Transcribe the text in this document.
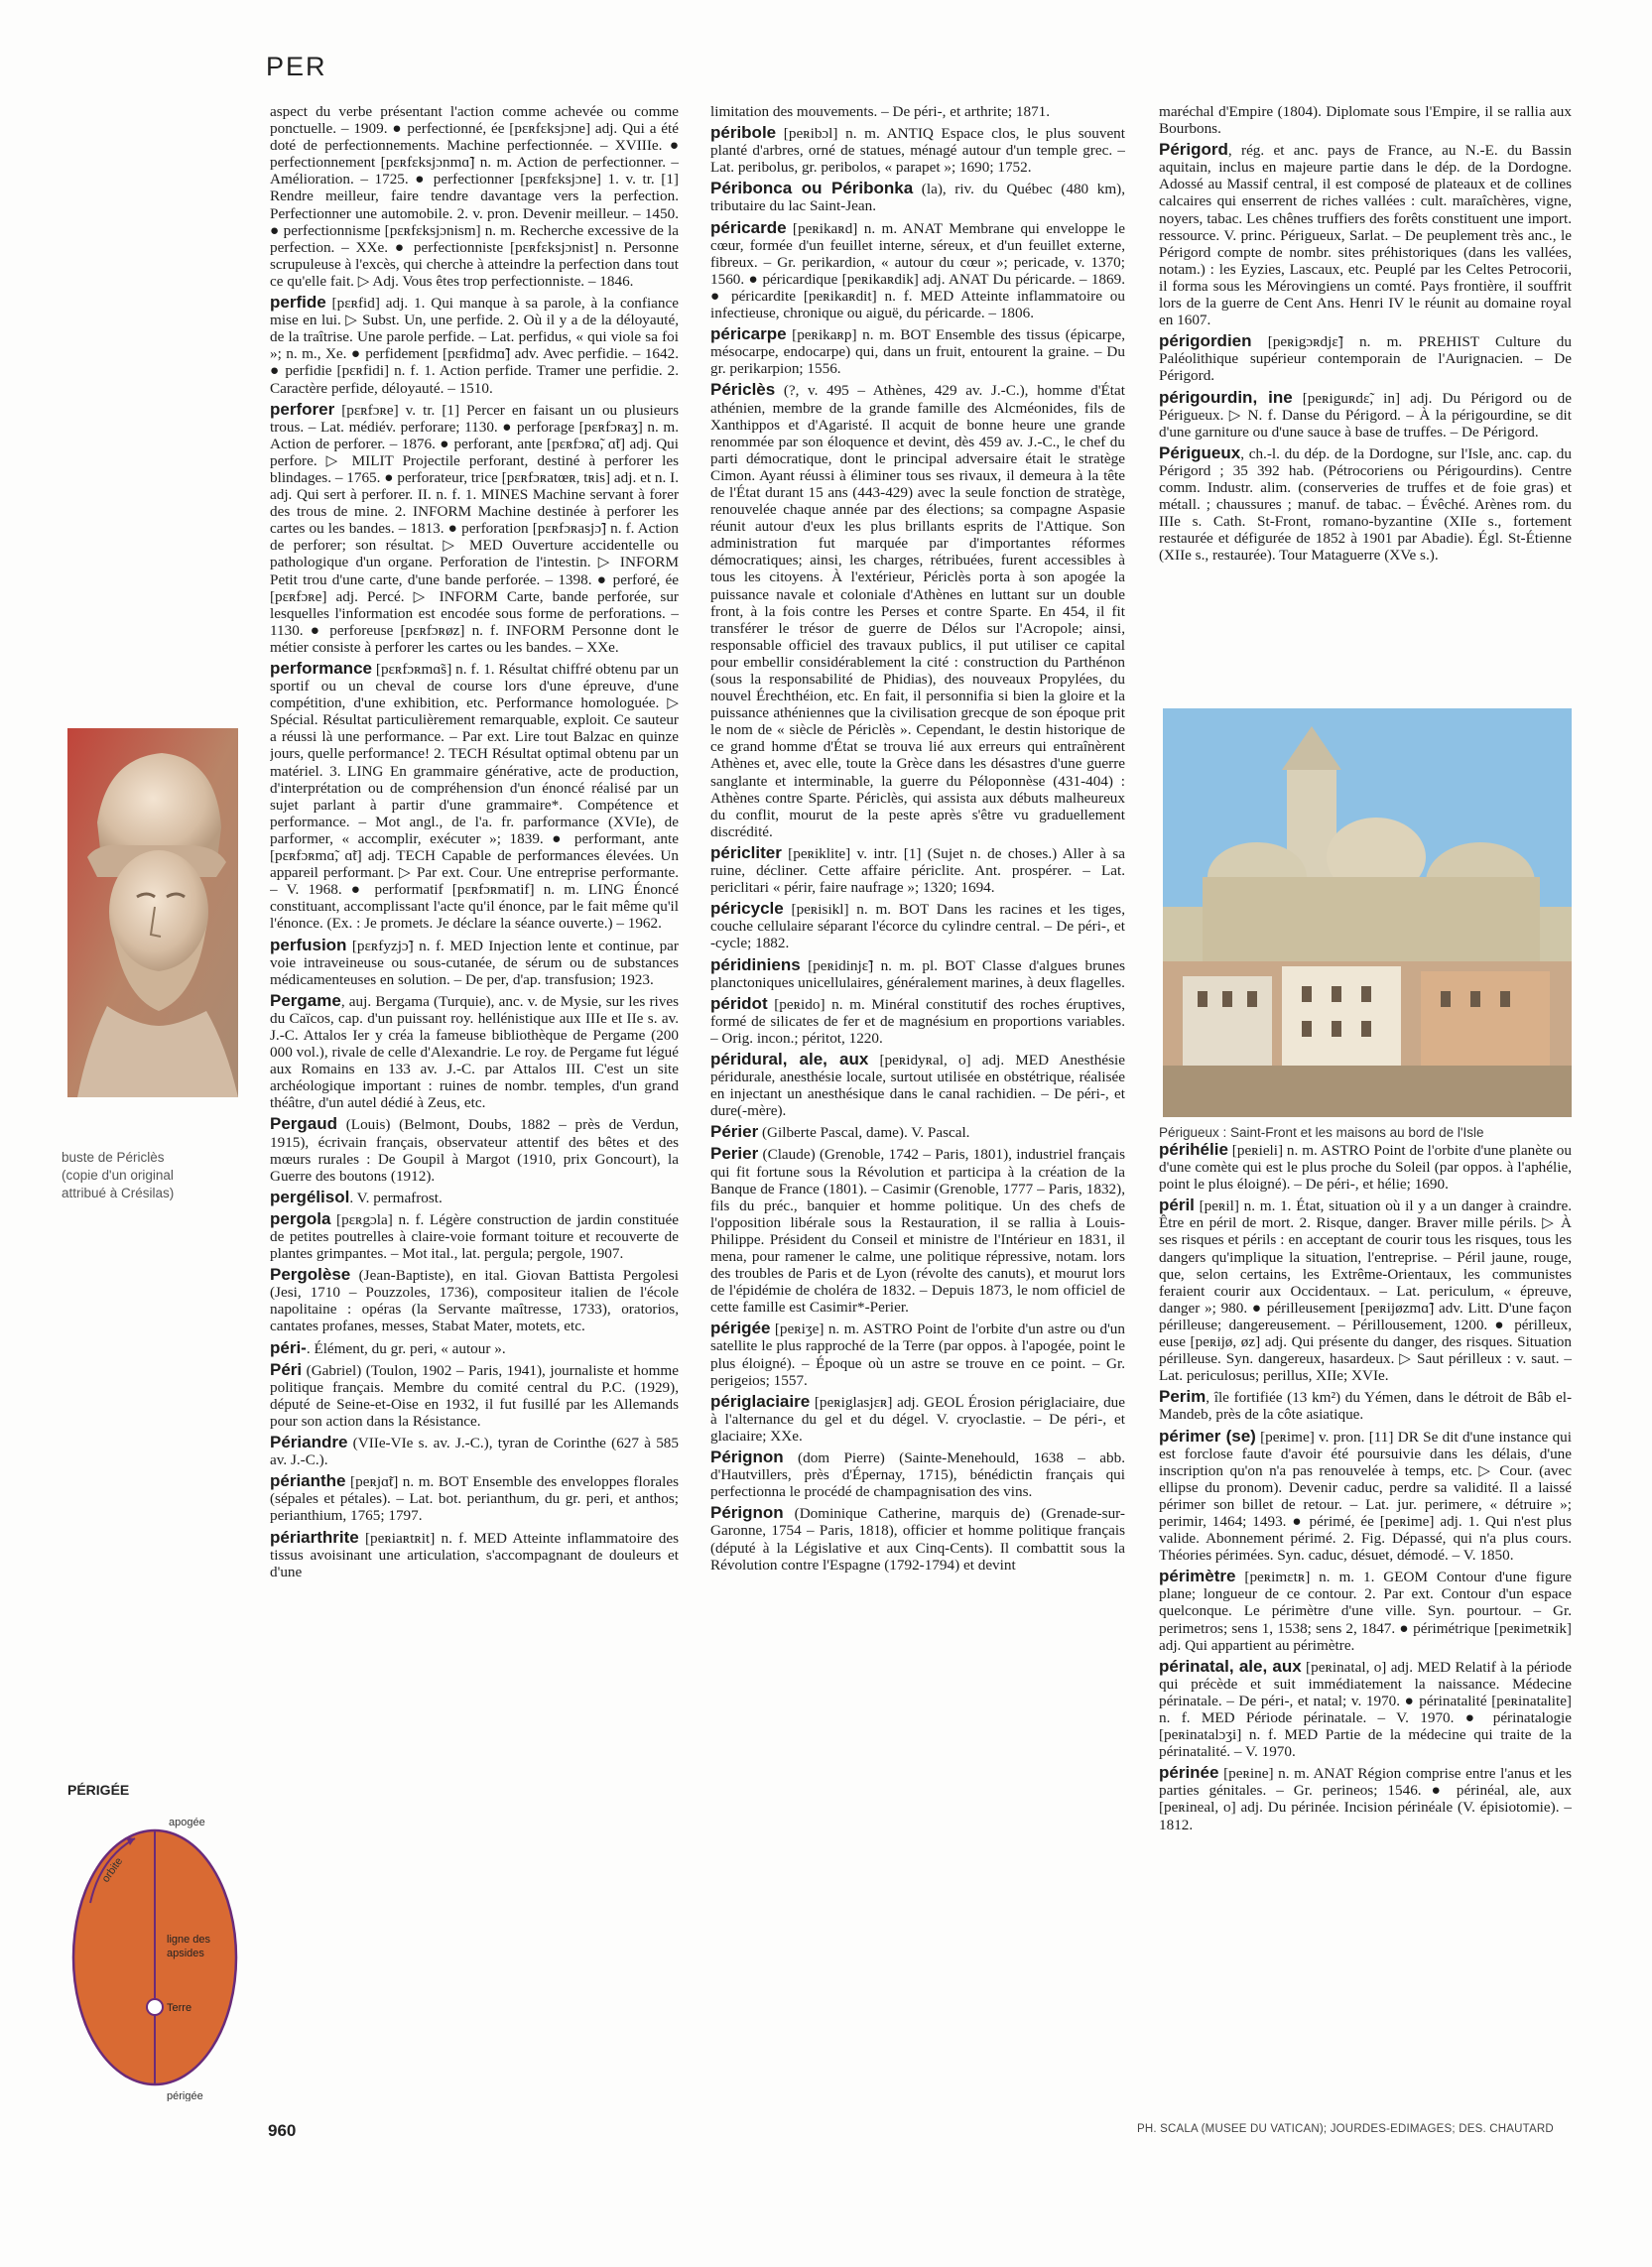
PER

aspect du verbe présentant l'action comme achevée ou comme ponctuelle. – 1909. ● perfectionné, ée [pɛʀfɛksjɔne] adj. Qui a été doté de perfectionnements. Machine perfectionnée. – XVIIIe. ● perfectionnement [pɛʀfɛksjɔnmɑ̃] n. m. Action de perfectionner. – Amélioration. – 1725. ● perfectionner [pɛʀfɛksjɔne] 1. v. tr. [1] Rendre meilleur, faire tendre davantage vers la perfection. Perfectionner une automobile. 2. v. pron. Devenir meilleur. – 1450. ● perfectionnisme [pɛʀfɛksjɔnism] n. m. Recherche excessive de la perfection. – XXe. ● perfectionniste [pɛʀfɛksjɔnist] n. Personne scrupuleuse à l'excès, qui cherche à atteindre la perfection dans tout ce qu'elle fait. ▷ Adj. Vous êtes trop perfectionniste. – 1846.

perfide [pɛʀfid] adj. 1. Qui manque à sa parole, à la confiance mise en lui. ▷ Subst. Un, une perfide. 2. Où il y a de la déloyauté, de la traîtrise. Une parole perfide. – Lat. perfidus, « qui viole sa foi »; n. m., Xe. ● perfidement [pɛʀfidmɑ̃] adv. Avec perfidie. – 1642. ● perfidie [pɛʀfidi] n. f. 1. Action perfide. Tramer une perfidie. 2. Caractère perfide, déloyauté. – 1510.

perforer [pɛʀfɔʀe] v. tr. [1] Percer en faisant un ou plusieurs trous. – Lat. médiév. perforare; 1130. ● perforage [pɛʀfɔʀaʒ] n. m. Action de perforer. – 1876. ● perforant, ante [pɛʀfɔʀɑ̃, ɑ̃t] adj. Qui perfore. ▷ MILIT Projectile perforant, destiné à perforer les blindages. – 1765. ● perforateur, trice [pɛʀfɔʀatœʀ, tʀis] adj. et n. I. adj. Qui sert à perforer. II. n. f. 1. MINES Machine servant à forer des trous de mine. 2. INFORM Machine destinée à perforer les cartes ou les bandes. – 1813. ● perforation [pɛʀfɔʀasjɔ̃] n. f. Action de perforer; son résultat. ▷ MED Ouverture accidentelle ou pathologique d'un organe. Perforation de l'intestin. ▷ INFORM Petit trou d'une carte, d'une bande perforée. – 1398. ● perforé, ée [pɛʀfɔʀe] adj. Percé. ▷ INFORM Carte, bande perforée, sur lesquelles l'information est encodée sous forme de perforations. – 1130. ● perforeuse [pɛʀfɔʀøz] n. f. INFORM Personne dont le métier consiste à perforer les cartes ou les bandes. – XXe.

performance [pɛʀfɔʀmɑ̃s] n. f. 1. Résultat chiffré obtenu par un sportif ou un cheval de course lors d'une épreuve, d'une compétition, d'une exhibition, etc. Performance homologuée. ▷ Spécial. Résultat particulièrement remarquable, exploit. Ce sauteur a réussi là une performance. – Par ext. Lire tout Balzac en quinze jours, quelle performance! 2. TECH Résultat optimal obtenu par un matériel. 3. LING En grammaire générative, acte de production, d'interprétation ou de compréhension d'un énoncé réalisé par un sujet parlant à partir d'une grammaire*. Compétence et performance. – Mot angl., de l'a. fr. parformance (XVIe), de parformer, « accomplir, exécuter »; 1839. ● performant, ante [pɛʀfɔʀmɑ̃, ɑ̃t] adj. TECH Capable de performances élevées. Un appareil performant. ▷ Par ext. Cour. Une entreprise performante. – V. 1968. ● performatif [pɛʀfɔʀmatif] n. m. LING Énoncé constituant, accomplissant l'acte qu'il énonce, par le fait même qu'il l'énonce. (Ex. : Je promets. Je déclare la séance ouverte.) – 1962.

perfusion [pɛʀfyzjɔ̃] n. f. MED Injection lente et continue, par voie intraveineuse ou sous-cutanée, de sérum ou de substances médicamenteuses en solution. – De per, d'ap. transfusion; 1923.

Pergame, auj. Bergama (Turquie), anc. v. de Mysie, sur les rives du Caïcos, cap. d'un puissant roy. hellénistique aux IIIe et IIe s. av. J.-C. Attalos Ier y créa la fameuse bibliothèque de Pergame (200 000 vol.), rivale de celle d'Alexandrie. Le roy. de Pergame fut légué aux Romains en 133 av. J.-C. par Attalos III. C'est un site archéologique important : ruines de nombr. temples, d'un grand théâtre, d'un autel dédié à Zeus, etc.

Pergaud (Louis) (Belmont, Doubs, 1882 – près de Verdun, 1915), écrivain français, observateur attentif des bêtes et des mœurs rurales : De Goupil à Margot (1910, prix Goncourt), la Guerre des boutons (1912).

pergélisol. V. permafrost.

pergola [pɛʀgɔla] n. f. Légère construction de jardin constituée de petites poutrelles à claire-voie formant toiture et recouverte de plantes grimpantes. – Mot ital., lat. pergula; pergole, 1907.

Pergolèse (Jean-Baptiste), en ital. Giovan Battista Pergolesi (Jesi, 1710 – Pouzzoles, 1736), compositeur italien de l'école napolitaine : opéras (la Servante maîtresse, 1733), oratorios, cantates profanes, messes, Stabat Mater, motets, etc.

péri-. Élément, du gr. peri, « autour ».

Péri (Gabriel) (Toulon, 1902 – Paris, 1941), journaliste et homme politique français. Membre du comité central du P.C. (1929), député de Seine-et-Oise en 1932, il fut fusillé par les Allemands pour son action dans la Résistance.

Périandre (VIIe-VIe s. av. J.-C.), tyran de Corinthe (627 à 585 av. J.-C.).

périanthe [peʀjɑ̃t] n. m. BOT Ensemble des enveloppes florales (sépales et pétales). – Lat. bot. perianthum, du gr. peri, et anthos; perianthium, 1765; 1797.

périarthrite [peʀiaʀtʀit] n. f. MED Atteinte inflammatoire des tissus avoisinant une articulation, s'accompagnant de douleurs et d'une

limitation des mouvements. – De péri-, et arthrite; 1871.

péribole [peʀibɔl] n. m. ANTIQ Espace clos, le plus souvent planté d'arbres, orné de statues, ménagé autour d'un temple grec. – Lat. peribolus, gr. peribolos, « parapet »; 1690; 1752.

Péribonca ou Péribonka (la), riv. du Québec (480 km), tributaire du lac Saint-Jean.

péricarde [peʀikaʀd] n. m. ANAT Membrane qui enveloppe le cœur, formée d'un feuillet interne, séreux, et d'un feuillet externe, fibreux. – Gr. perikardion, « autour du cœur »; pericade, v. 1370; 1560. ● péricardique [peʀikaʀdik] adj. ANAT Du péricarde. – 1869. ● péricardite [peʀikaʀdit] n. f. MED Atteinte inflammatoire ou infectieuse, chronique ou aiguë, du péricarde. – 1806.

péricarpe [peʀikaʀp] n. m. BOT Ensemble des tissus (épicarpe, mésocarpe, endocarpe) qui, dans un fruit, entourent la graine. – Du gr. perikarpion; 1556.

Périclès (?, v. 495 – Athènes, 429 av. J.-C.), homme d'État athénien, membre de la grande famille des Alcméonides, fils de Xanthippos et d'Agaristé. Il acquit de bonne heure une grande renommée par son éloquence et devint, dès 459 av. J.-C., le chef du parti démocratique, dont le principal adversaire était le stratège Cimon. Ayant réussi à éliminer tous ses rivaux, il demeura à la tête de l'État durant 15 ans (443-429) avec la seule fonction de stratège, renouvelée chaque année par des élections; sa compagne Aspasie réunit autour d'eux les plus brillants esprits de l'Attique. Son administration fut marquée par d'importantes réformes démocratiques; ainsi, les charges, rétribuées, furent accessibles à tous les citoyens. À l'extérieur, Périclès porta à son apogée la puissance navale et coloniale d'Athènes en luttant sur un double front, à la fois contre les Perses et contre Sparte. En 454, il fit transférer le trésor de guerre de Délos sur l'Acropole; ainsi, responsable officiel des travaux publics, il put utiliser ce capital pour embellir considérablement la cité : construction du Parthénon (sous la responsabilité de Phidias), des nouveaux Propylées, du nouvel Érechthéion, etc. En fait, il personnifia si bien la gloire et la puissance athéniennes que la civilisation grecque de son époque prit le nom de « siècle de Périclès ». Cependant, le destin historique de ce grand homme d'État se trouva lié aux erreurs qui entraînèrent Athènes et, avec elle, toute la Grèce dans les désastres d'une guerre sanglante et interminable, la guerre du Péloponnèse (431-404) : Athènes contre Sparte. Périclès, qui assista aux débuts malheureux du conflit, mourut de la peste après s'être vu graduellement discrédité.

péricliter [peʀiklite] v. intr. [1] (Sujet n. de choses.) Aller à sa ruine, décliner. Cette affaire périclite. Ant. prospérer. – Lat. periclitari « périr, faire naufrage »; 1320; 1694.

péricycle [peʀisikl] n. m. BOT Dans les racines et les tiges, couche cellulaire séparant l'écorce du cylindre central. – De péri-, et -cycle; 1882.

péridiniens [peʀidinjɛ̃] n. m. pl. BOT Classe d'algues brunes planctoniques unicellulaires, généralement marines, à deux flagelles.

péridot [peʀido] n. m. Minéral constitutif des roches éruptives, formé de silicates de fer et de magnésium en proportions variables. – Orig. incon.; péritot, 1220.

péridural, ale, aux [peʀidyʀal, o] adj. MED Anesthésie péridurale, anesthésie locale, surtout utilisée en obstétrique, réalisée en injectant un anesthésique dans le canal rachidien. – De péri-, et dure(-mère).

Périer (Gilberte Pascal, dame). V. Pascal.

Perier (Claude) (Grenoble, 1742 – Paris, 1801), industriel français qui fit fortune sous la Révolution et participa à la création de la Banque de France (1801). – Casimir (Grenoble, 1777 – Paris, 1832), fils du préc., banquier et homme politique. Un des chefs de l'opposition libérale sous la Restauration, il se rallia à Louis-Philippe. Président du Conseil et ministre de l'Intérieur en 1831, il mena, pour ramener le calme, une politique répressive, notam. lors des troubles de Paris et de Lyon (révolte des canuts), et mourut lors de l'épidémie de choléra de 1832. – Depuis 1873, le nom officiel de cette famille est Casimir*-Perier.

périgée [peʀiʒe] n. m. ASTRO Point de l'orbite d'un astre ou d'un satellite le plus rapproché de la Terre (par oppos. à l'apogée, point le plus éloigné). – Époque où un astre se trouve en ce point. – Gr. perigeios; 1557.

périglaciaire [peʀiglasjɛʀ] adj. GEOL Érosion périglaciaire, due à l'alternance du gel et du dégel. V. cryoclastie. – De péri-, et glaciaire; XXe.

Pérignon (dom Pierre) (Sainte-Menehould, 1638 – abb. d'Hautvillers, près d'Épernay, 1715), bénédictin français qui perfectionna le procédé de champagnisation des vins.

Pérignon (Dominique Catherine, marquis de) (Grenade-sur-Garonne, 1754 – Paris, 1818), officier et homme politique français (député à la Législative et aux Cinq-Cents). Il combattit sous la Révolution contre l'Espagne (1792-1794) et devint

maréchal d'Empire (1804). Diplomate sous l'Empire, il se rallia aux Bourbons.

Périgord, rég. et anc. pays de France, au N.-E. du Bassin aquitain, inclus en majeure partie dans le dép. de la Dordogne. Adossé au Massif central, il est composé de plateaux et de collines calcaires qui enserrent de riches vallées : cult. maraîchères, vigne, noyers, tabac. Les chênes truffiers des forêts constituent une import. ressource. V. princ. Périgueux, Sarlat. – De peuplement très anc., le Périgord compte de nombr. sites préhistoriques (dans les vallées, notam.) : les Eyzies, Lascaux, etc. Peuplé par les Celtes Petrocorii, il forma sous les Mérovingiens un comté. Pays frontière, il souffrit lors de la guerre de Cent Ans. Henri IV le réunit au domaine royal en 1607.

périgordien [peʀigɔʀdjɛ̃] n. m. PREHIST Culture du Paléolithique supérieur contemporain de l'Aurignacien. – De Périgord.

périgourdin, ine [peʀiguʀdɛ̃, in] adj. Du Périgord ou de Périgueux. ▷ N. f. Danse du Périgord. – À la périgourdine, se dit d'une garniture ou d'une sauce à base de truffes. – De Périgord.

Périgueux, ch.-l. du dép. de la Dordogne, sur l'Isle, anc. cap. du Périgord ; 35 392 hab. (Pétrocoriens ou Périgourdins). Centre comm. Industr. alim. (conserveries de truffes et de foie gras) et métall. ; chaussures ; manuf. de tabac. – Évêché. Arènes rom. du IIIe s. Cath. St-Front, romano-byzantine (XIIe s., fortement restaurée et défigurée de 1852 à 1901 par Abadie). Égl. St-Étienne (XIIe s., restaurée). Tour Mataguerre (XVe s.).

périhélie [peʀieli] n. m. ASTRO Point de l'orbite d'une planète ou d'une comète qui est le plus proche du Soleil (par oppos. à l'aphélie, point le plus éloigné). – De péri-, et hélie; 1690.

péril [peʀil] n. m. 1. État, situation où il y a un danger à craindre. Être en péril de mort. 2. Risque, danger. Braver mille périls. ▷ À ses risques et périls : en acceptant de courir tous les risques, tous les dangers qu'implique la situation, l'entreprise. – Péril jaune, rouge, que, selon certains, les Extrême-Orientaux, les communistes feraient courir aux Occidentaux. – Lat. periculum, « épreuve, danger »; 980. ● périlleusement [peʀijøzmɑ̃] adv. Litt. D'une façon périlleuse; dangereusement. – Périllousement, 1200. ● périlleux, euse [peʀijø, øz] adj. Qui présente du danger, des risques. Situation périlleuse. Syn. dangereux, hasardeux. ▷ Saut périlleux : v. saut. – Lat. periculosus; perillus, XIIe; XVIe.

Perim, île fortifiée (13 km²) du Yémen, dans le détroit de Bâb el-Mandeb, près de la côte asiatique.

périmer (se) [peʀime] v. pron. [11] DR Se dit d'une instance qui est forclose faute d'avoir été poursuivie dans les délais, d'une inscription qu'on n'a pas renouvelée à temps, etc. ▷ Cour. (avec ellipse du pronom). Devenir caduc, perdre sa validité. Il a laissé périmer son billet de retour. – Lat. jur. perimere, « détruire »; perimir, 1464; 1493. ● périmé, ée [peʀime] adj. 1. Qui n'est plus valide. Abonnement périmé. 2. Fig. Dépassé, qui n'a plus cours. Théories périmées. Syn. caduc, désuet, démodé. – V. 1850.

périmètre [peʀimɛtʀ] n. m. 1. GEOM Contour d'une figure plane; longueur de ce contour. 2. Par ext. Contour d'un espace quelconque. Le périmètre d'une ville. Syn. pourtour. – Gr. perimetros; sens 1, 1538; sens 2, 1847. ● périmétrique [peʀimetʀik] adj. Qui appartient au périmètre.

périnatal, ale, aux [peʀinatal, o] adj. MED Relatif à la période qui précède et suit immédiatement la naissance. Médecine périnatale. – De péri-, et natal; v. 1970. ● périnatalité [peʀinatalite] n. f. MED Période périnatale. – V. 1970. ● périnatalogie [peʀinatalɔʒi] n. f. MED Partie de la médecine qui traite de la périnatalité. – V. 1970.

périnée [peʀine] n. m. ANAT Région comprise entre l'anus et les parties génitales. – Gr. perineos; 1546. ● périnéal, ale, aux [peʀineal, o] adj. Du périnée. Incision périnéale (V. épisiotomie). – 1812.

buste de Périclès
(copie d'un original
attribué à Crésilas)
Périgueux : Saint-Front et les maisons au bord de l'Isle
PÉRIGÉE
apogée
orbite
ligne des
apsides
Terre
périgée
960	PH. SCALA (MUSEE DU VATICAN); JOURDES-EDIMAGES; DES. CHAUTARD
